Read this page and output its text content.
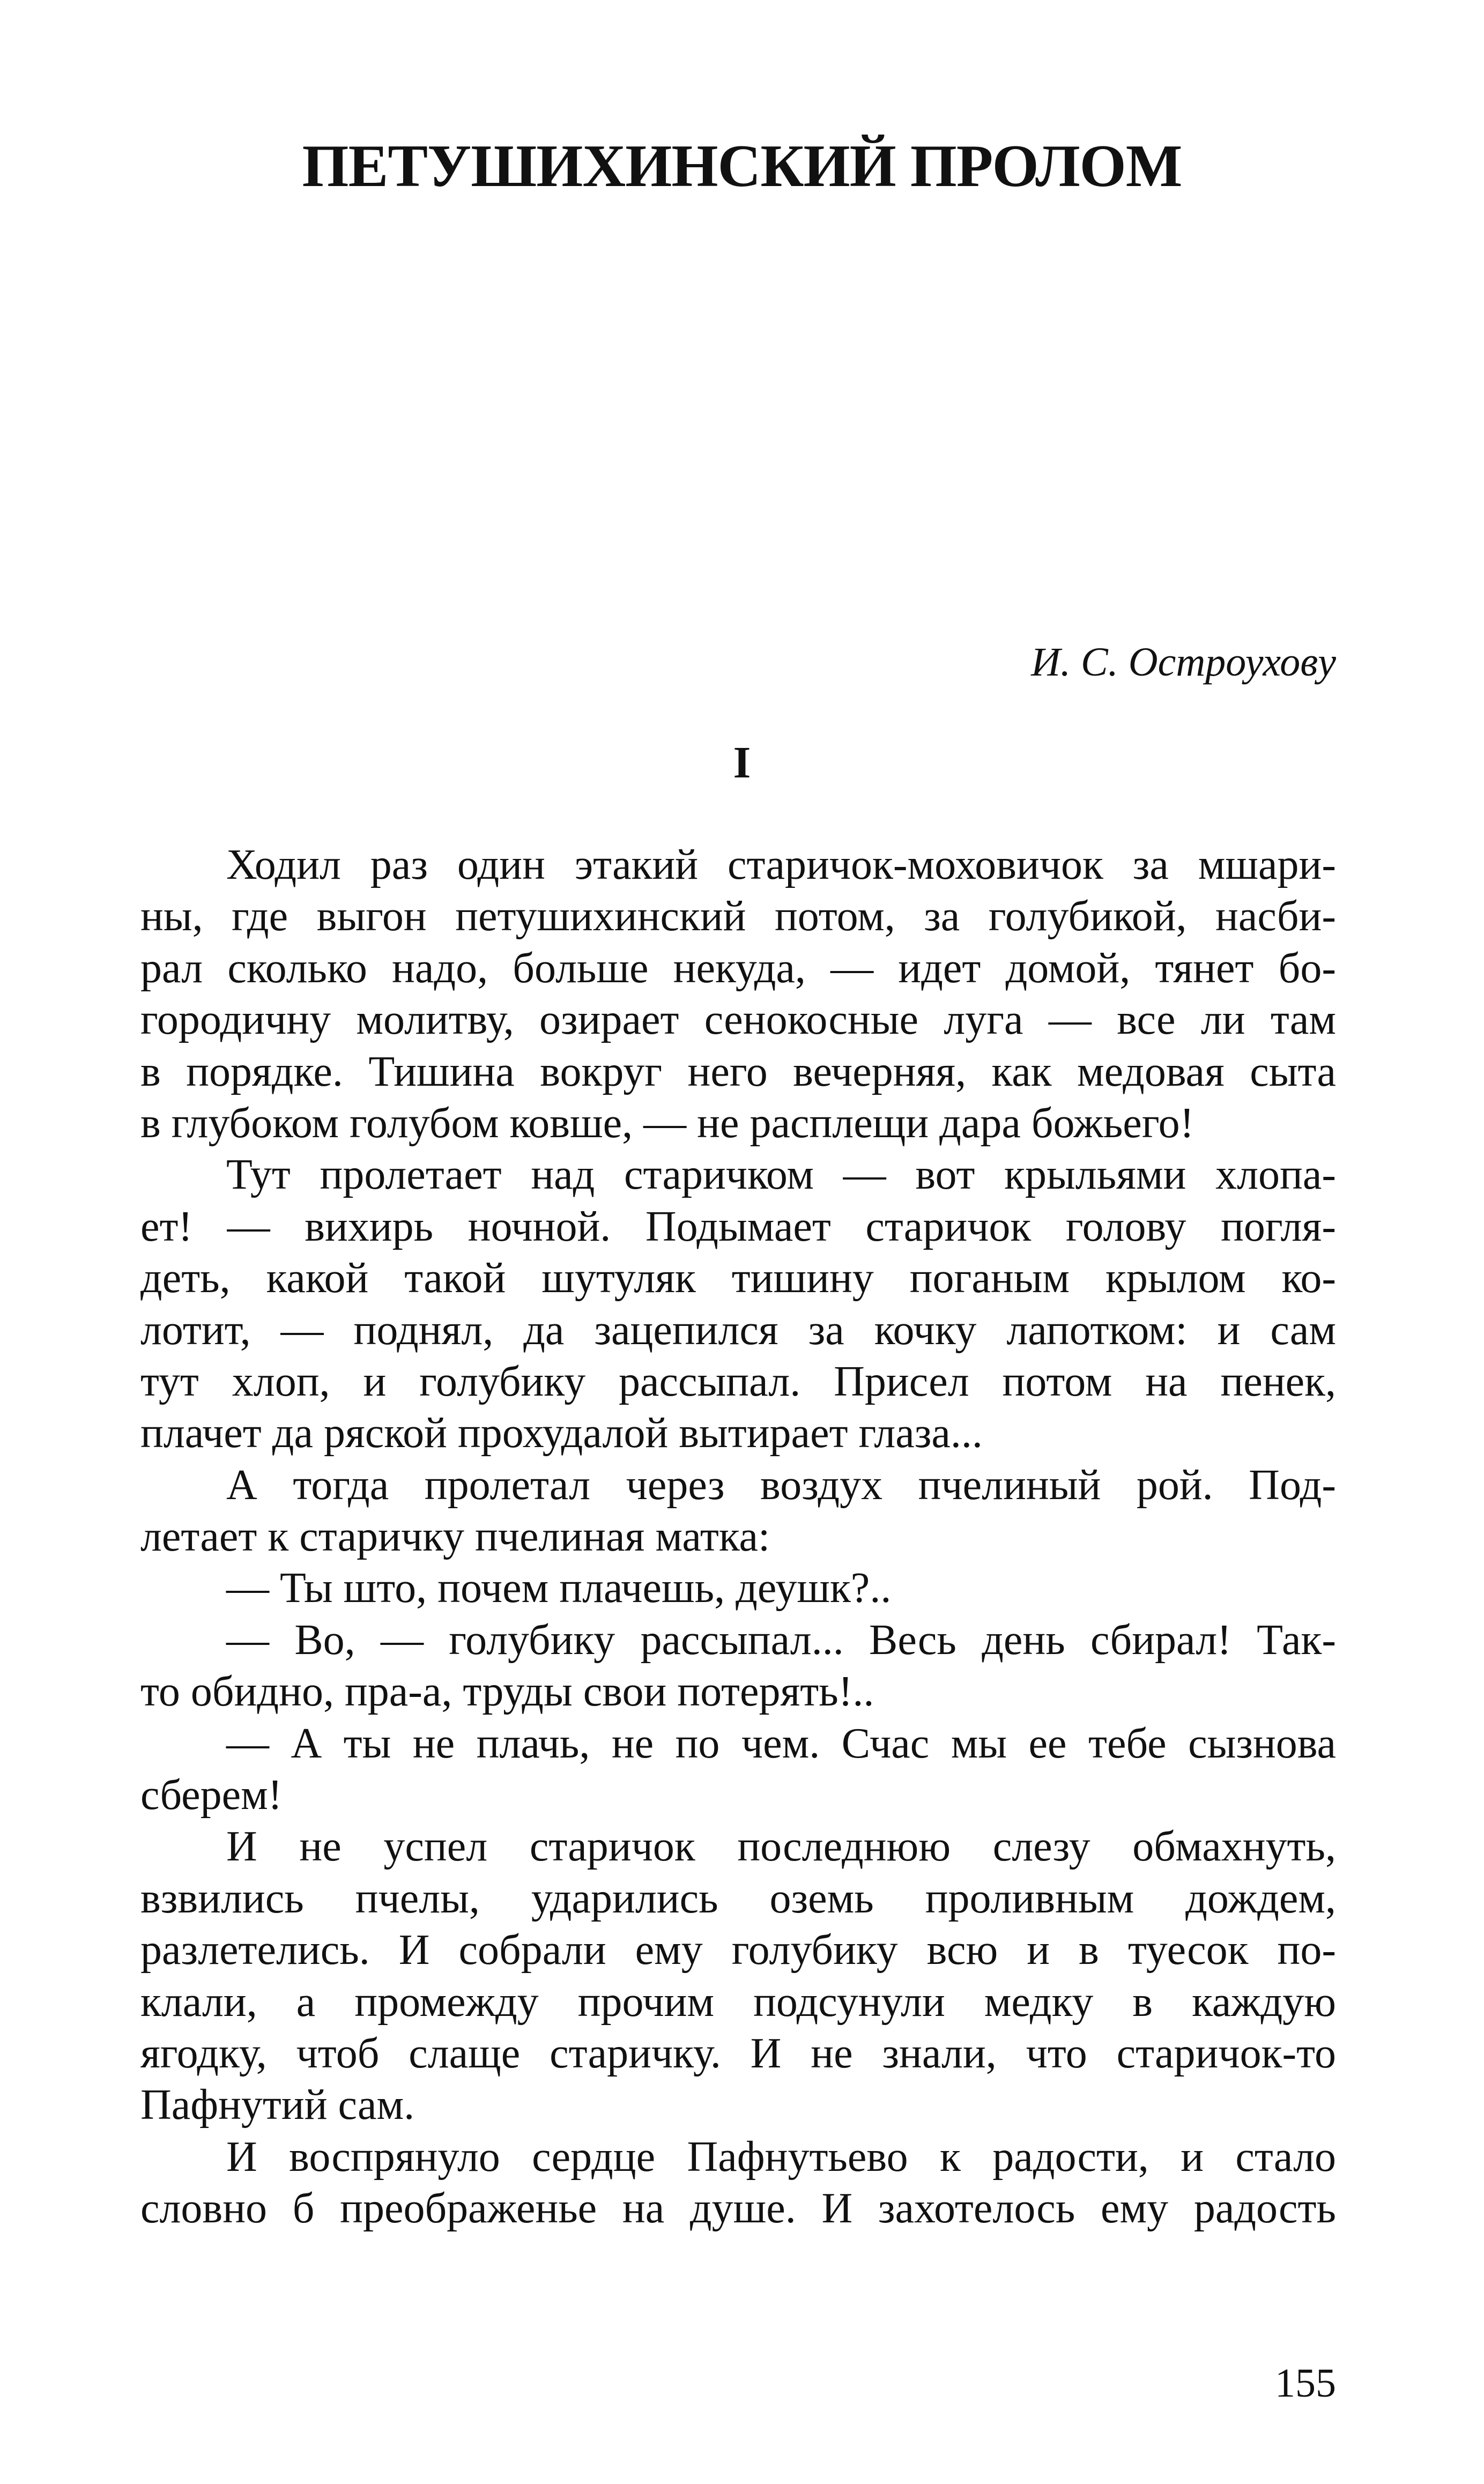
ПЕТУШИХИНСКИЙ ПРОЛОМ
И. С. Остроухову
I
Ходил раз один этакий старичок-моховичок за мшари-
ны, где выгон петушихинский потом, за голубикой, насби-
рал сколько надо, больше некуда, — идет домой, тянет бо-
городичну молитву, озирает сенокосные луга — все ли там
в порядке. Тишина вокруг него вечерняя, как медовая сыта
в глубоком голубом ковше, — не расплещи дара божьего!
Тут пролетает над старичком — вот крыльями хлопа-
ет! — вихирь ночной. Подымает старичок голову погля-
деть, какой такой шутуляк тишину поганым крылом ко-
лотит, — поднял, да зацепился за кочку лапотком: и сам
тут хлоп, и голубику рассыпал. Присел потом на пенек,
плачет да ряской прохудалой вытирает глаза...
А тогда пролетал через воздух пчелиный рой. Под-
летает к старичку пчелиная матка:
— Ты што, почем плачешь, деушк?..
— Во, — голубику рассыпал... Весь день сбирал! Так-
то обидно, пра-а, труды свои потерять!..
— А ты не плачь, не по чем. Счас мы ее тебе сызнова
сберем!
И не успел старичок последнюю слезу обмахнуть,
взвились пчелы, ударились оземь проливным дождем,
разлетелись. И собрали ему голубику всю и в туесок по-
клали, а промежду прочим подсунули медку в каждую
ягодку, чтоб слаще старичку. И не знали, что старичок-то
Пафнутий сам.
И воспрянуло сердце Пафнутьево к радости, и стало
словно б преображенье на душе. И захотелось ему радость
155
